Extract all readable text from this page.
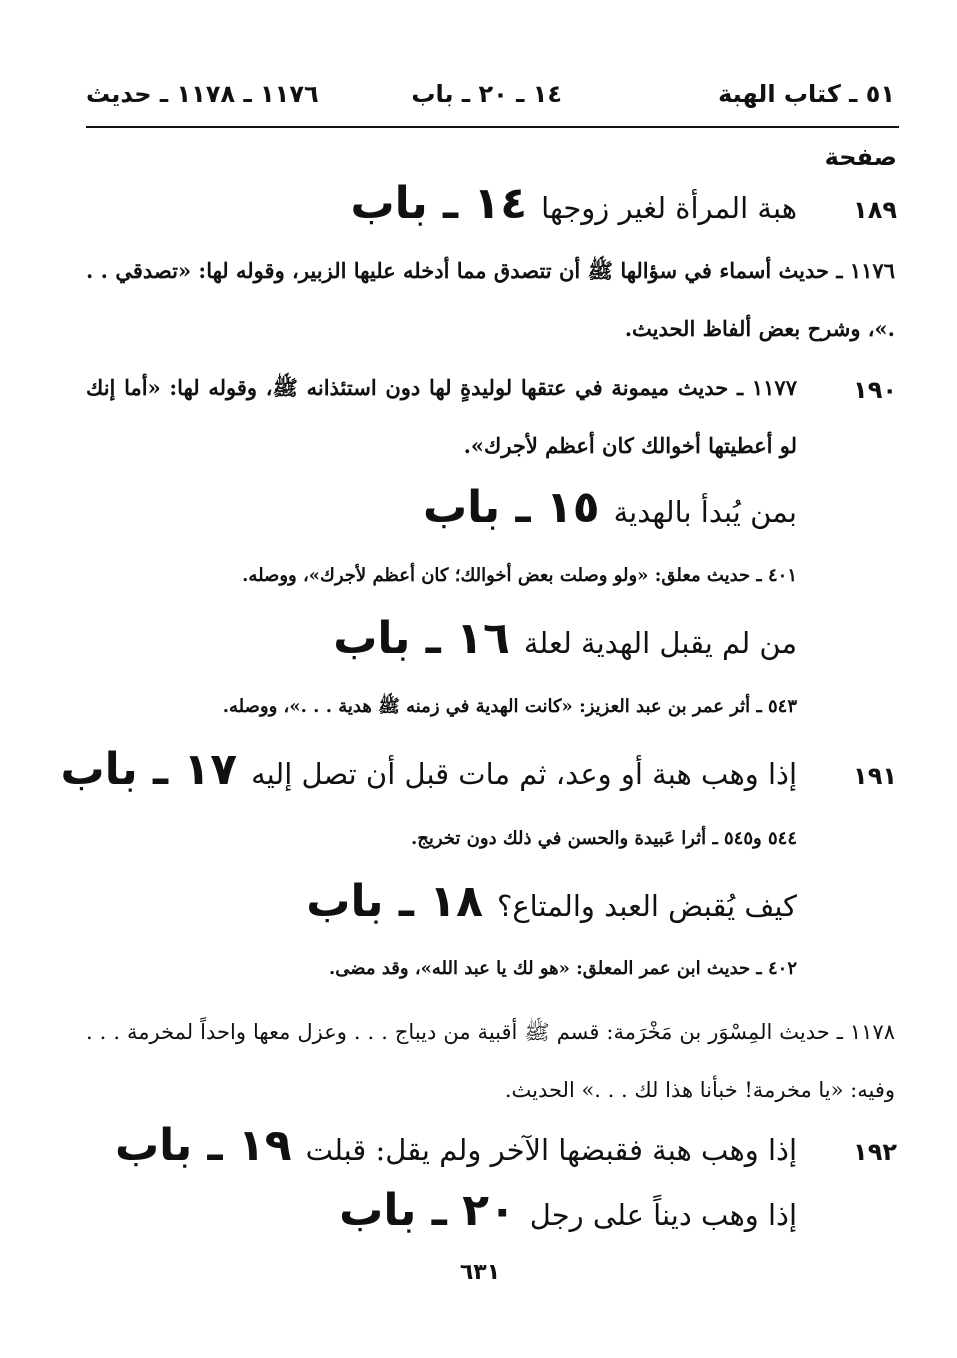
٥١ ـ كتاب الهبة
١٤ ـ ٢٠ ـ باب
١١٧٦ ـ ١١٧٨ ـ حديث
صفحة
١٨٩
١٤ ـ باب هبة المرأة لغير زوجها
١١٧٦ ـ حديث أسماء في سؤالها ﷺ أن تتصدق مما أدخله عليها الزبير، وقوله لها: «تصدقي . . .»، وشرح بعض ألفاظ الحديث.
١٩٠
١١٧٧ ـ حديث ميمونة في عتقها لوليدةٍ لها دون استئذانه ﷺ، وقوله لها: «أما إنك لو أعطيتها أخوالك كان أعظم لأجرك».
١٥ ـ باب بمن يُبدأ بالهدية
٤٠١ ـ حديث معلق: «ولو وصلت بعض أخوالك؛ كان أعظم لأجرك»، ووصله.
١٦ ـ باب من لم يقبل الهدية لعلة
٥٤٣ ـ أثر عمر بن عبد العزيز: «كانت الهدية في زمنه ﷺ هدية . . .»، ووصله.
١٩١
١٧ ـ باب إذا وهب هبة أو وعد، ثم مات قبل أن تصل إليه
٥٤٤ و٥٤٥ ـ أثرا عَبيدة والحسن في ذلك دون تخريج.
١٨ ـ باب كيف يُقبض العبد والمتاع؟
٤٠٢ ـ حديث ابن عمر المعلق: «هو لك يا عبد الله»، وقد مضى.
١١٧٨ ـ حديث المِسْوَر بن مَخْرَمة: قسم ﷺ أقبية من ديباج . . . وعزل معها واحداً لمخرمة . . . وفيه: «يا مخرمة! خبأنا هذا لك . . .» الحديث.
١٩٢
١٩ ـ باب إذا وهب هبة فقبضها الآخر ولم يقل: قبلت
٢٠ ـ باب إذا وهب ديناً على رجل
٦٣١
